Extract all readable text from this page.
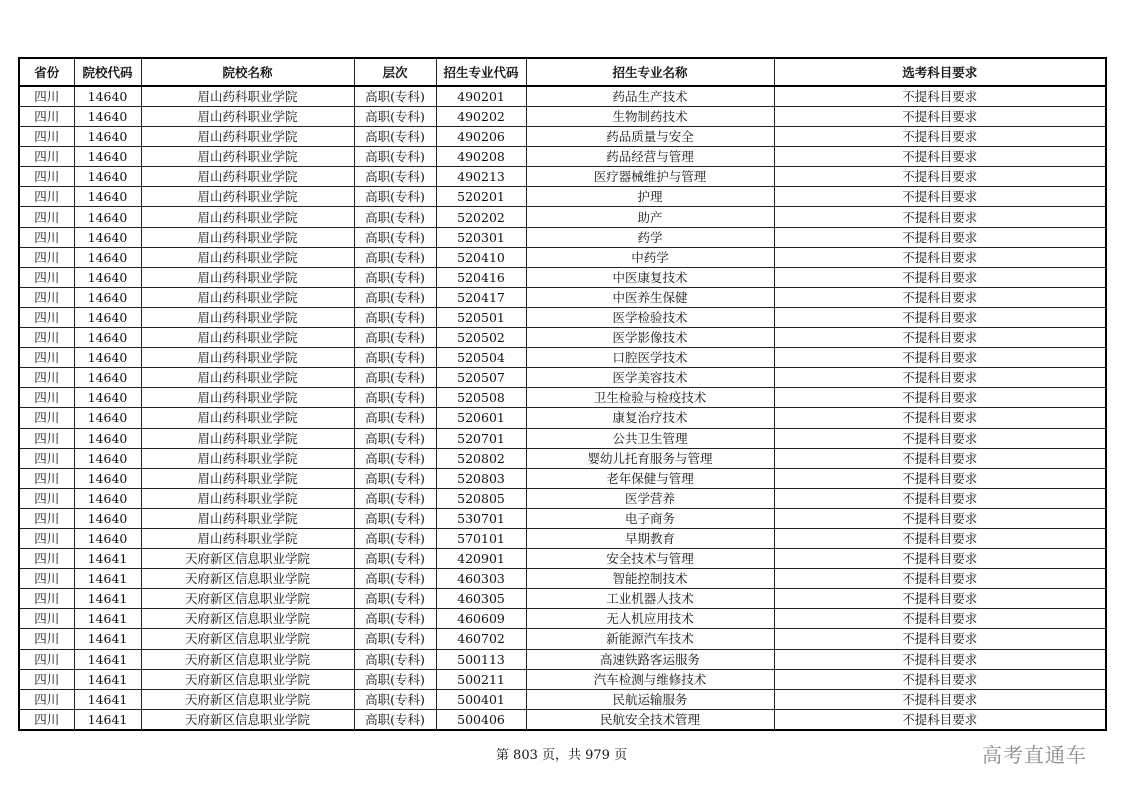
省份	院校代码	院校名称	层次	招生专业代码	招生专业名称	选考科目要求
四川	14640	眉山药科职业学院	高职(专科)	490201	药品生产技术	不提科目要求
四川	14640	眉山药科职业学院	高职(专科)	490202	生物制药技术	不提科目要求
四川	14640	眉山药科职业学院	高职(专科)	490206	药品质量与安全	不提科目要求
四川	14640	眉山药科职业学院	高职(专科)	490208	药品经营与管理	不提科目要求
四川	14640	眉山药科职业学院	高职(专科)	490213	医疗器械维护与管理	不提科目要求
四川	14640	眉山药科职业学院	高职(专科)	520201	护理	不提科目要求
四川	14640	眉山药科职业学院	高职(专科)	520202	助产	不提科目要求
四川	14640	眉山药科职业学院	高职(专科)	520301	药学	不提科目要求
四川	14640	眉山药科职业学院	高职(专科)	520410	中药学	不提科目要求
四川	14640	眉山药科职业学院	高职(专科)	520416	中医康复技术	不提科目要求
四川	14640	眉山药科职业学院	高职(专科)	520417	中医养生保健	不提科目要求
四川	14640	眉山药科职业学院	高职(专科)	520501	医学检验技术	不提科目要求
四川	14640	眉山药科职业学院	高职(专科)	520502	医学影像技术	不提科目要求
四川	14640	眉山药科职业学院	高职(专科)	520504	口腔医学技术	不提科目要求
四川	14640	眉山药科职业学院	高职(专科)	520507	医学美容技术	不提科目要求
四川	14640	眉山药科职业学院	高职(专科)	520508	卫生检验与检疫技术	不提科目要求
四川	14640	眉山药科职业学院	高职(专科)	520601	康复治疗技术	不提科目要求
四川	14640	眉山药科职业学院	高职(专科)	520701	公共卫生管理	不提科目要求
四川	14640	眉山药科职业学院	高职(专科)	520802	婴幼儿托育服务与管理	不提科目要求
四川	14640	眉山药科职业学院	高职(专科)	520803	老年保健与管理	不提科目要求
四川	14640	眉山药科职业学院	高职(专科)	520805	医学营养	不提科目要求
四川	14640	眉山药科职业学院	高职(专科)	530701	电子商务	不提科目要求
四川	14640	眉山药科职业学院	高职(专科)	570101	早期教育	不提科目要求
四川	14641	天府新区信息职业学院	高职(专科)	420901	安全技术与管理	不提科目要求
四川	14641	天府新区信息职业学院	高职(专科)	460303	智能控制技术	不提科目要求
四川	14641	天府新区信息职业学院	高职(专科)	460305	工业机器人技术	不提科目要求
四川	14641	天府新区信息职业学院	高职(专科)	460609	无人机应用技术	不提科目要求
四川	14641	天府新区信息职业学院	高职(专科)	460702	新能源汽车技术	不提科目要求
四川	14641	天府新区信息职业学院	高职(专科)	500113	高速铁路客运服务	不提科目要求
四川	14641	天府新区信息职业学院	高职(专科)	500211	汽车检测与维修技术	不提科目要求
四川	14641	天府新区信息职业学院	高职(专科)	500401	民航运输服务	不提科目要求
四川	14641	天府新区信息职业学院	高职(专科)	500406	民航安全技术管理	不提科目要求
第 803 页，共 979 页	高考直通车
